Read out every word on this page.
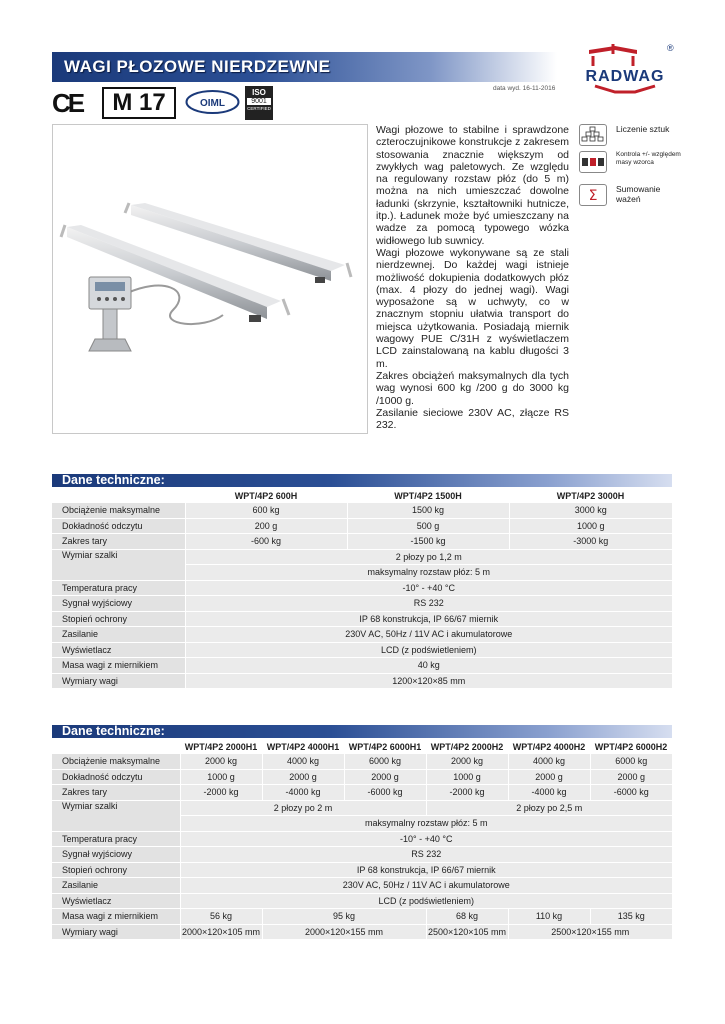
WAGI PŁOZOWE NIERDZEWNE
®
RADWAG
data wyd. 16-11-2016
CE	M 17	OIML
ISO
9001
CERTIFIED

Wagi płozowe to stabilne i sprawdzone czteroczujnikowe konstrukcje z zakresem stosowania znacznie większym od zwykłych wag paletowych. Ze względu na regulowany rozstaw płóz (do 5 m) można na nich umieszczać dowolne ładunki (skrzynie, kształtowniki hutnicze, itp.). Ładunek może być umieszczany na wadze za pomocą typowego wózka widłowego lub suwnicy.

Wagi płozowe wykonywane są ze stali nierdzewnej. Do każdej wagi istnieje możliwość dokupienia dodatkowych płóz (max. 4 płozy do jednej wagi). Wagi wyposażone są w uchwyty, co w znacznym stopniu ułatwia transport do miejsca użytkowania. Posiadają miernik wagowy PUE C/31H z wyświetlaczem LCD zainstalowaną na kablu długości 3 m.

Zakres obciążeń maksymalnych dla tych wag wynosi 600 kg /200 g do 3000 kg /1000 g.

Zasilanie sieciowe 230V AC, złącze RS 232.

Liczenie sztuk
Kontrola +/- względem masy wzorca
Σ Sumowanie ważeń
Dane techniczne:
	WPT/4P2 600H	WPT/4P2 1500H	WPT/4P2 3000H
Obciążenie maksymalne	600 kg	1500 kg	3000 kg
Dokładność odczytu	200 g	500 g	1000 g
Zakres tary	-600 kg	-1500 kg	-3000 kg
Wymiar szalki	2 płozy po 1,2 m		
	maksymalny rozstaw płóz: 5 m		
Temperatura pracy	-10° - +40 °C		
Sygnał wyjściowy	RS 232		
Stopień ochrony	IP 68 konstrukcja, IP 66/67 miernik		
Zasilanie	230V AC, 50Hz / 11V AC i akumulatorowe		
Wyświetlacz	LCD (z podświetleniem)		
Masa wagi z miernikiem	40 kg		
Wymiary wagi	1200×120×85 mm		
Dane techniczne:
	WPT/4P2 2000H1	WPT/4P2 4000H1	WPT/4P2 6000H1	WPT/4P2 2000H2	WPT/4P2 4000H2	WPT/4P2 6000H2
Obciążenie maksymalne	2000 kg	4000 kg	6000 kg	2000 kg	4000 kg	6000 kg
Dokładność odczytu	1000 g	2000 g	2000 g	1000 g	2000 g	2000 g
Zakres tary	-2000 kg	-4000 kg	-6000 kg	-2000 kg	-4000 kg	-6000 kg
Wymiar szalki	2 płozy po 2 m			2 płozy po 2,5 m		
	maksymalny rozstaw płóz: 5 m					
Temperatura pracy	-10° - +40 °C					
Sygnał wyjściowy	RS 232					
Stopień ochrony	IP 68 konstrukcja, IP 66/67 miernik					
Zasilanie	230V AC, 50Hz / 11V AC i akumulatorowe					
Wyświetlacz	LCD (z podświetleniem)					
Masa wagi z miernikiem	56 kg	95 kg		68 kg	110 kg	135 kg
Wymiary wagi	2000×120×105 mm	2000×120×155 mm		2500×120×105 mm	2500×120×155 mm	
